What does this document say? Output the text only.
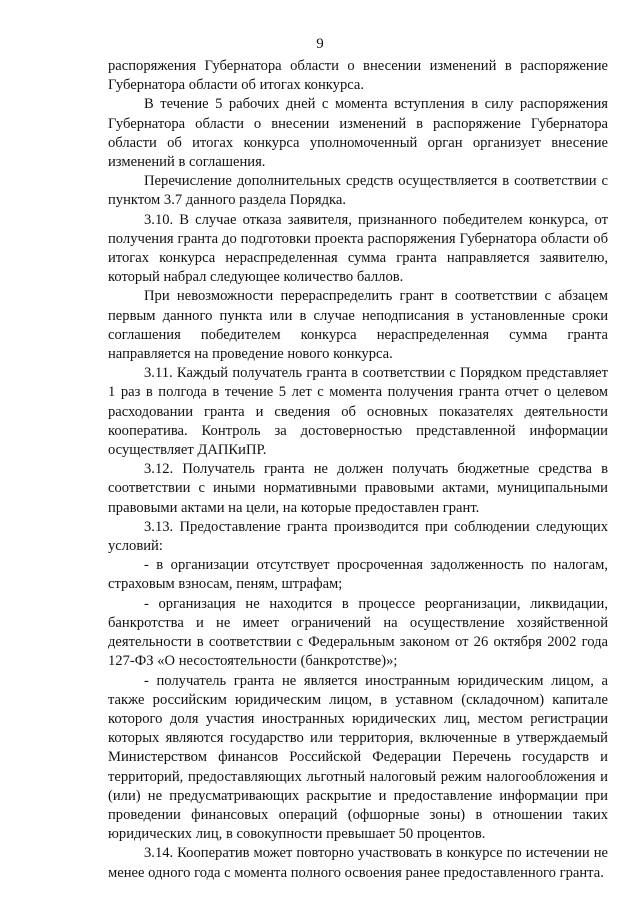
9

распоряжения Губернатора области о внесении изменений в распоряжение Губернатора области об итогах конкурса.

В течение 5 рабочих дней с момента вступления в силу распоряжения Губернатора области о внесении изменений в распоряжение Губернатора области об итогах конкурса уполномоченный орган организует внесение изменений в соглашения.

Перечисление дополнительных средств осуществляется в соответствии с пунктом 3.7 данного раздела Порядка.

3.10. В случае отказа заявителя, признанного победителем конкурса, от получения гранта до подготовки проекта распоряжения Губернатора области об итогах конкурса нераспределенная сумма гранта направляется заявителю, который набрал следующее количество баллов.

При невозможности перераспределить грант в соответствии с абзацем первым данного пункта или в случае неподписания в установленные сроки соглашения победителем конкурса нераспределенная сумма гранта направляется на проведение нового конкурса.

3.11. Каждый получатель гранта в соответствии с Порядком представляет 1 раз в полгода в течение 5 лет с момента получения гранта отчет о целевом расходовании гранта и сведения об основных показателях деятельности кооператива. Контроль за достоверностью представленной информации осуществляет ДАПКиПР.

3.12. Получатель гранта не должен получать бюджетные средства в соответствии с иными нормативными правовыми актами, муниципальными правовыми актами на цели, на которые предоставлен грант.

3.13. Предоставление гранта производится при соблюдении следующих условий:

- в организации отсутствует просроченная задолженность по налогам, страховым взносам, пеням, штрафам;

- организация не находится в процессе реорганизации, ликвидации, банкротства и не имеет ограничений на осуществление хозяйственной деятельности в соответствии с Федеральным законом от 26 октября 2002 года 127-ФЗ «О несостоятельности (банкротстве)»;

- получатель гранта не является иностранным юридическим лицом, а также российским юридическим лицом, в уставном (складочном) капитале которого доля участия иностранных юридических лиц, местом регистрации которых являются государство или территория, включенные в утверждаемый Министерством финансов Российской Федерации Перечень государств и территорий, предоставляющих льготный налоговый режим налогообложения и (или) не предусматривающих раскрытие и предоставление информации при проведении финансовых операций (офшорные зоны) в отношении таких юридических лиц, в совокупности превышает 50 процентов.

3.14. Кооператив может повторно участвовать в конкурсе по истечении не менее одного года с момента полного освоения ранее предоставленного гранта.
